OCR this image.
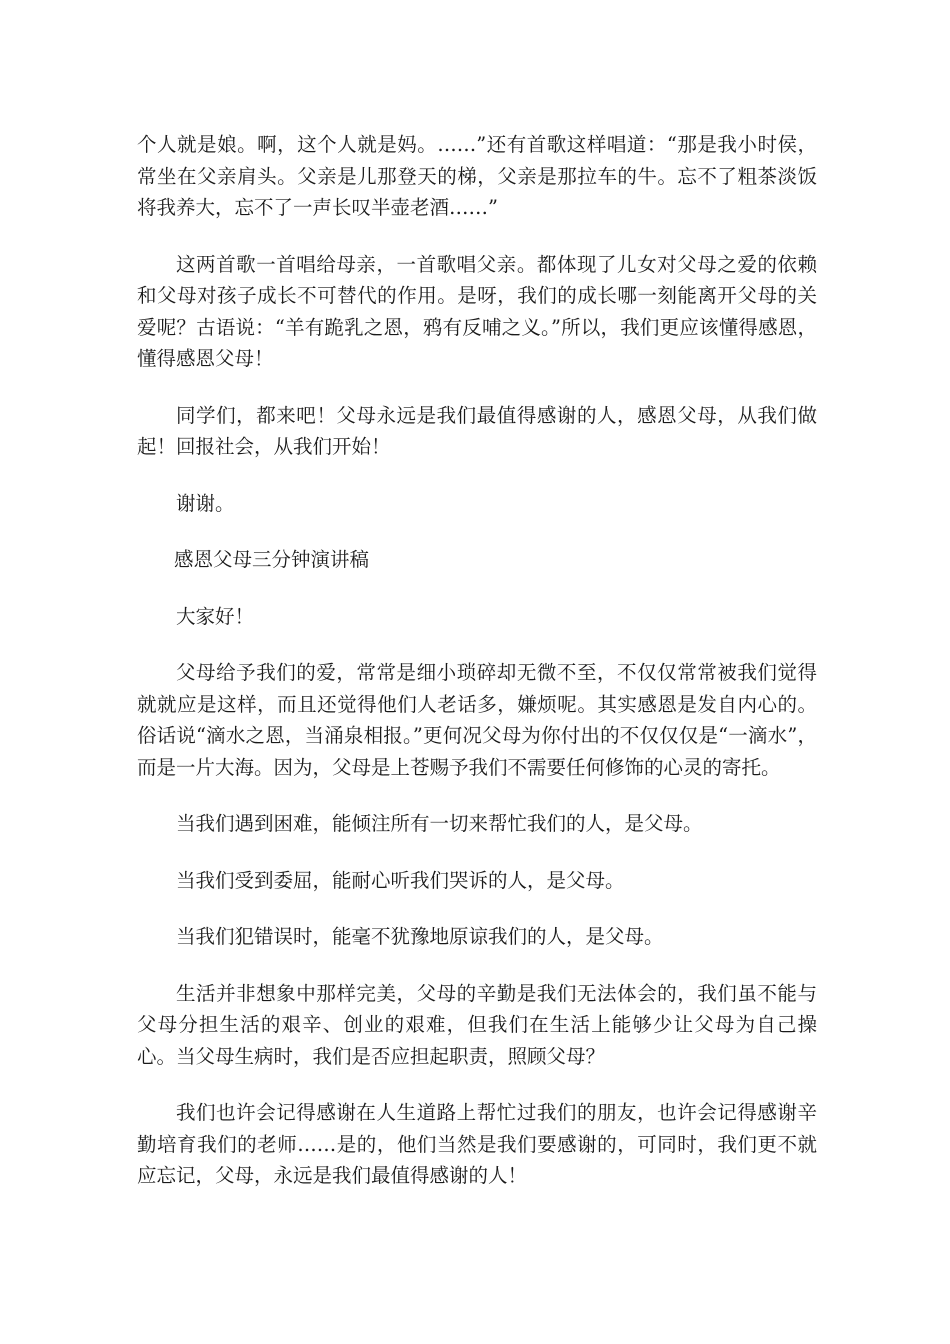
个人就是娘。啊，这个人就是妈。……”还有首歌这样唱道：“那是我小时侯，常坐在父亲肩头。父亲是儿那登天的梯，父亲是那拉车的牛。忘不了粗茶淡饭将我养大，忘不了一声长叹半壶老酒……”

这两首歌一首唱给母亲，一首歌唱父亲。都体现了儿女对父母之爱的依赖和父母对孩子成长不可替代的作用。是呀，我们的成长哪一刻能离开父母的关爱呢？古语说：“羊有跪乳之恩，鸦有反哺之义。”所以，我们更应该懂得感恩，懂得感恩父母！

同学们，都来吧！父母永远是我们最值得感谢的人，感恩父母，从我们做起！回报社会，从我们开始！

谢谢。

感恩父母三分钟演讲稿

大家好！

父母给予我们的爱，常常是细小琐碎却无微不至，不仅仅常常被我们觉得就就应是这样，而且还觉得他们人老话多，嫌烦呢。其实感恩是发自内心的。俗话说“滴水之恩，当涌泉相报。”更何况父母为你付出的不仅仅仅是“一滴水”，而是一片大海。因为，父母是上苍赐予我们不需要任何修饰的心灵的寄托。

当我们遇到困难，能倾注所有一切来帮忙我们的人，是父母。

当我们受到委屈，能耐心听我们哭诉的人，是父母。

当我们犯错误时，能毫不犹豫地原谅我们的人，是父母。

生活并非想象中那样完美，父母的辛勤是我们无法体会的，我们虽不能与父母分担生活的艰辛、创业的艰难，但我们在生活上能够少让父母为自己操心。当父母生病时，我们是否应担起职责，照顾父母？

我们也许会记得感谢在人生道路上帮忙过我们的朋友，也许会记得感谢辛勤培育我们的老师……是的，他们当然是我们要感谢的，可同时，我们更不就应忘记，父母，永远是我们最值得感谢的人！
